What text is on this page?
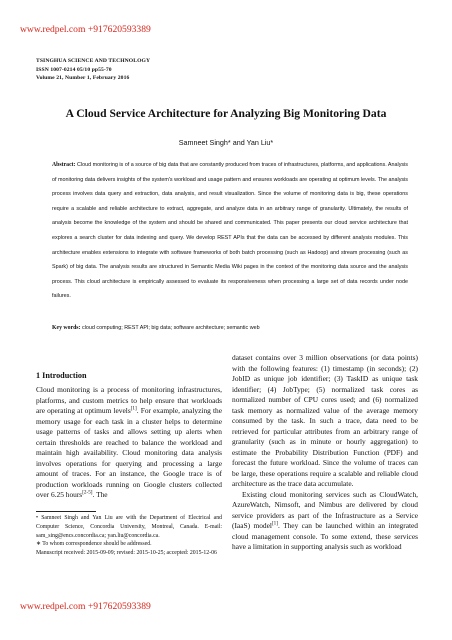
www.redpel.com +917620593389
TSINGHUA SCIENCE AND TECHNOLOGY
ISSN 1007-0214 05/10 pp55-70
Volume 21, Number 1, February 2016
A Cloud Service Architecture for Analyzing Big Monitoring Data
Samneet Singh* and Yan Liu*
Abstract: Cloud monitoring is of a source of big data that are constantly produced from traces of infrastructures, platforms, and applications. Analysis of monitoring data delivers insights of the system's workload and usage pattern and ensures workloads are operating at optimum levels. The analysis process involves data query and extraction, data analysis, and result visualization. Since the volume of monitoring data is big, these operations require a scalable and reliable architecture to extract, aggregate, and analyze data in an arbitrary range of granularity. Ultimately, the results of analysis become the knowledge of the system and should be shared and communicated. This paper presents our cloud service architecture that explores a search cluster for data indexing and query. We develop REST APIs that the data can be accessed by different analysis modules. This architecture enables extensions to integrate with software frameworks of both batch processing (such as Hadoop) and stream processing (such as Spark) of big data. The analysis results are structured in Semantic Media Wiki pages in the context of the monitoring data source and the analysis process. This cloud architecture is empirically assessed to evaluate its responsiveness when processing a large set of data records under node failures.
Key words: cloud computing; REST API; big data; software architecture; semantic web
1 Introduction

Cloud monitoring is a process of monitoring infrastructures, platforms, and custom metrics to help ensure that workloads are operating at optimum levels[1]. For example, analyzing the memory usage for each task in a cluster helps to determine usage patterns of tasks and allows setting up alerts when certain thresholds are reached to balance the workload and maintain high availability. Cloud monitoring data analysis involves operations for querying and processing a large amount of traces. For an instance, the Google trace is of production workloads running on Google clusters collected over 6.25 hours[2-5]. The

• Samneet Singh and Yan Liu are with the Department of Electrical and Computer Science, Concordia University, Montreal, Canada. E-mail: sam_sing@encs.concordia.ca; yan.liu@concordia.ca.

∗ To whom correspondence should be addressed.

Manuscript received: 2015-09-09; revised: 2015-10-25; accepted: 2015-12-06

dataset contains over 3 million observations (or data points) with the following features: (1) timestamp (in seconds); (2) JobID as unique job identifier; (3) TaskID as unique task identifier; (4) JobType; (5) normalized task cores as normalized number of CPU cores used; and (6) normalized task memory as normalized value of the average memory consumed by the task. In such a trace, data need to be retrieved for particular attributes from an arbitrary range of granularity (such as in minute or hourly aggregation) to estimate the Probability Distribution Function (PDF) and forecast the future workload. Since the volume of traces can be large, these operations require a scalable and reliable cloud architecture as the trace data accumulate.

Existing cloud monitoring services such as CloudWatch, AzureWatch, Nimsoft, and Nimbus are delivered by cloud service providers as part of the Infrastructure as a Service (IaaS) model[1]. They can be launched within an integrated cloud management console. To some extend, these services have a limitation in supporting analysis such as workload

www.redpel.com +917620593389
